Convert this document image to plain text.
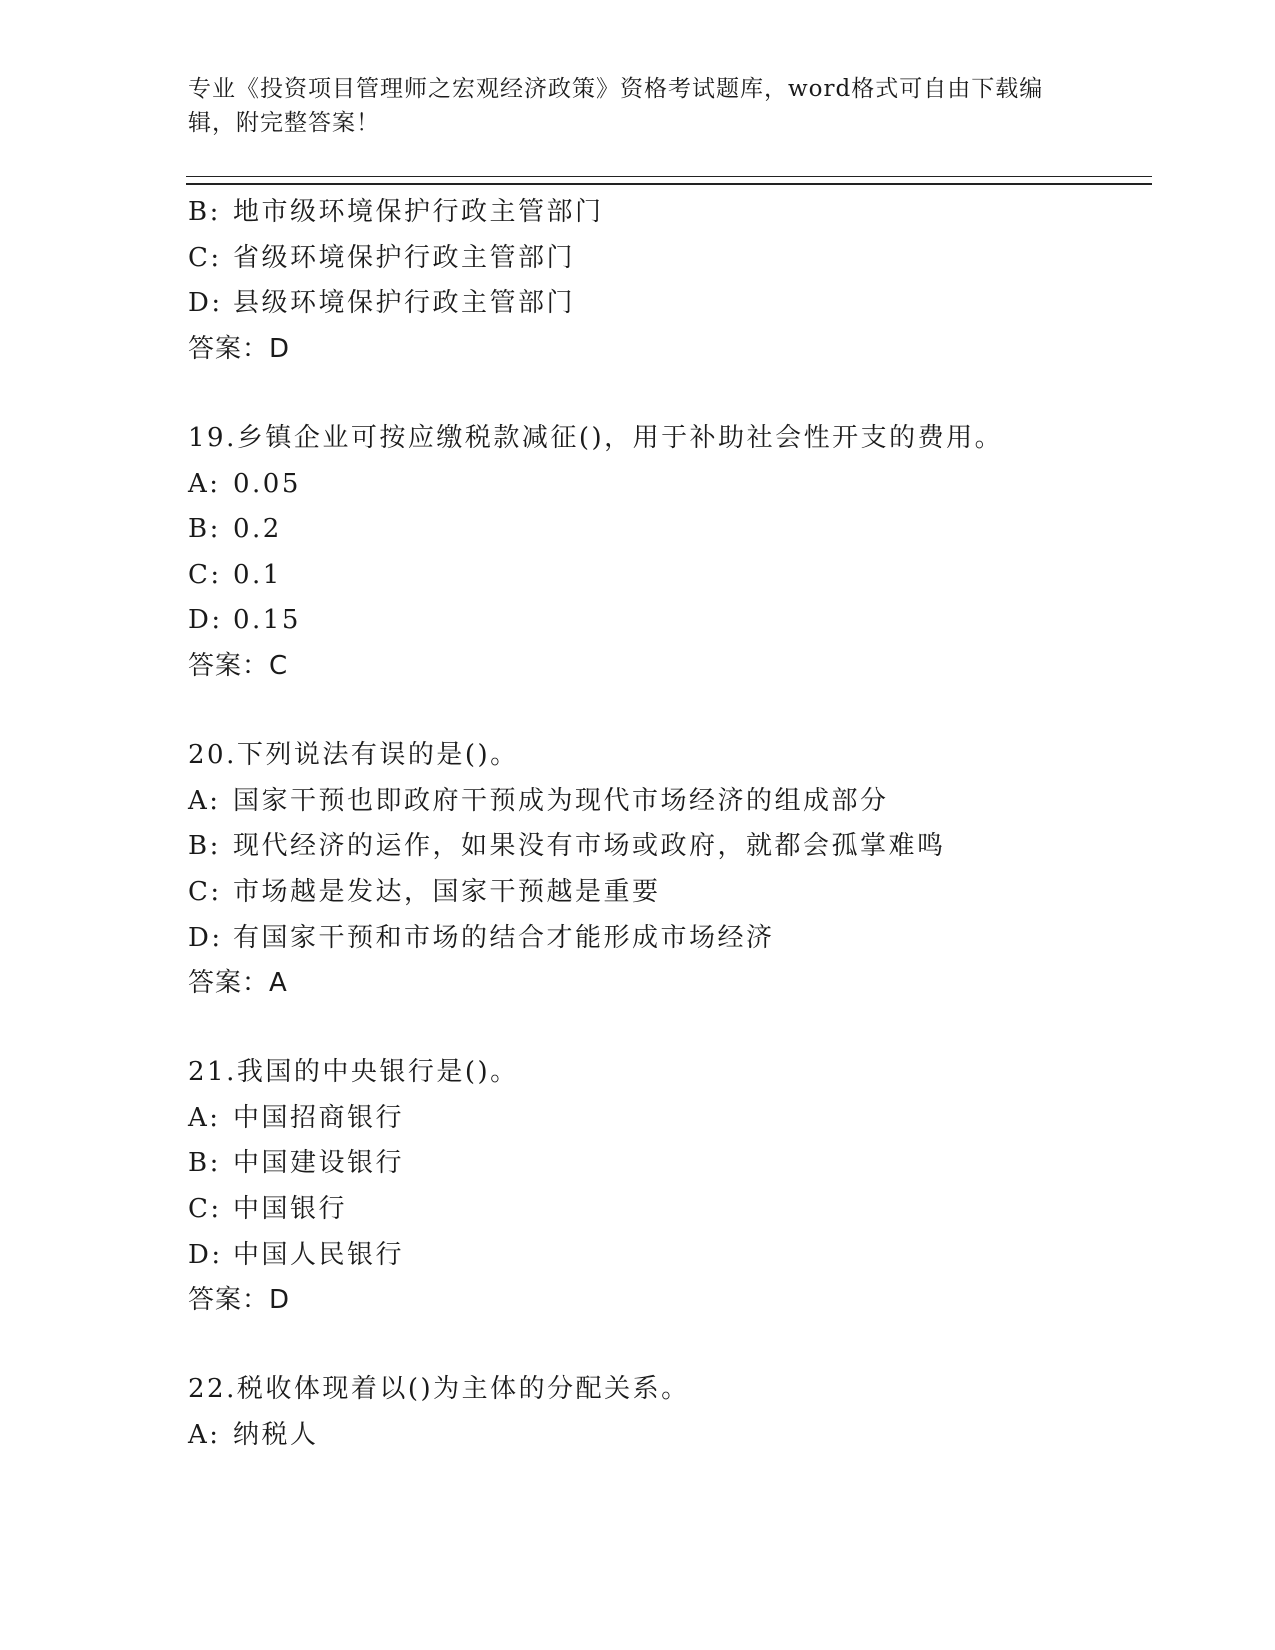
专业《投资项目管理师之宏观经济政策》资格考试题库，word格式可自由下载编
辑，附完整答案！
B: 地市级环境保护行政主管部门
C: 省级环境保护行政主管部门
D: 县级环境保护行政主管部门
答案：D
19.乡镇企业可按应缴税款减征()，用于补助社会性开支的费用。
A: 0.05
B: 0.2
C: 0.1
D: 0.15
答案：C
20.下列说法有误的是()。
A: 国家干预也即政府干预成为现代市场经济的组成部分
B: 现代经济的运作，如果没有市场或政府，就都会孤掌难鸣
C: 市场越是发达，国家干预越是重要
D: 有国家干预和市场的结合才能形成市场经济
答案：A
21.我国的中央银行是()。
A: 中国招商银行
B: 中国建设银行
C: 中国银行
D: 中国人民银行
答案：D
22.税收体现着以()为主体的分配关系。
A: 纳税人
